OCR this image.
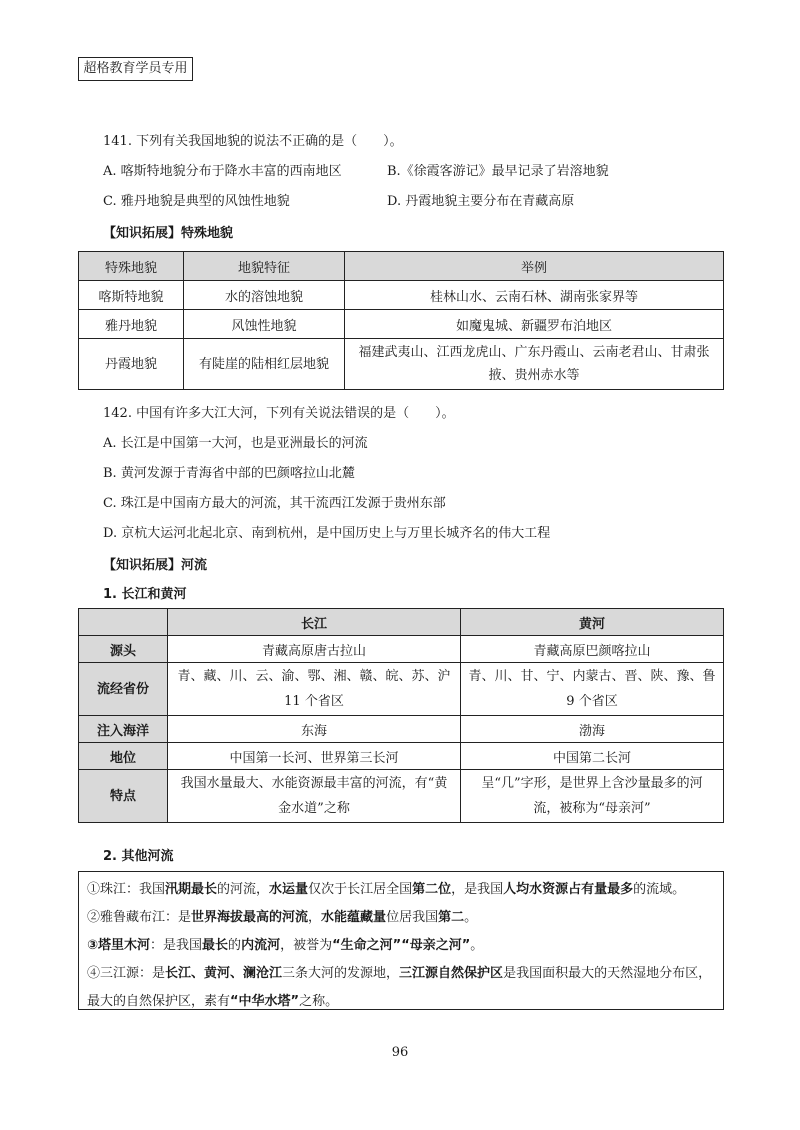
超格教育学员专用
141. 下列有关我国地貌的说法不正确的是（　　）。
A. 喀斯特地貌分布于降水丰富的西南地区	B.《徐霞客游记》最早记录了岩溶地貌
C. 雅丹地貌是典型的风蚀性地貌	D. 丹霞地貌主要分布在青藏高原
【知识拓展】特殊地貌
特殊地貌	地貌特征	举例
喀斯特地貌	水的溶蚀地貌	桂林山水、云南石林、湖南张家界等
雅丹地貌	风蚀性地貌	如魔鬼城、新疆罗布泊地区
丹霞地貌	有陡崖的陆相红层地貌	福建武夷山、江西龙虎山、广东丹霞山、云南老君山、甘肃张掖、贵州赤水等
142. 中国有许多大江大河，下列有关说法错误的是（　　）。
A. 长江是中国第一大河，也是亚洲最长的河流
B. 黄河发源于青海省中部的巴颜喀拉山北麓
C. 珠江是中国南方最大的河流，其干流西江发源于贵州东部
D. 京杭大运河北起北京、南到杭州，是中国历史上与万里长城齐名的伟大工程
【知识拓展】河流
1. 长江和黄河
	长江	黄河
源头	青藏高原唐古拉山	青藏高原巴颜喀拉山
流经省份	青、藏、川、云、渝、鄂、湘、赣、皖、苏、沪 11 个省区	青、川、甘、宁、内蒙古、晋、陕、豫、鲁 9 个省区
注入海洋	东海	渤海
地位	中国第一长河、世界第三长河	中国第二长河
特点	我国水量最大、水能资源最丰富的河流，有“黄金水道”之称	呈“几”字形，是世界上含沙量最多的河流，被称为“母亲河”
2. 其他河流
①珠江：我国汛期最长的河流，水运量仅次于长江居全国第二位，是我国人均水资源占有量最多的流域。
②雅鲁藏布江：是世界海拔最高的河流，水能蕴藏量位居我国第二。
③塔里木河：是我国最长的内流河，被誉为“生命之河”“母亲之河”。
④三江源：是长江、黄河、澜沧江三条大河的发源地，三江源自然保护区是我国面积最大的天然湿地分布区，最大的自然保护区，素有“中华水塔”之称。
96
